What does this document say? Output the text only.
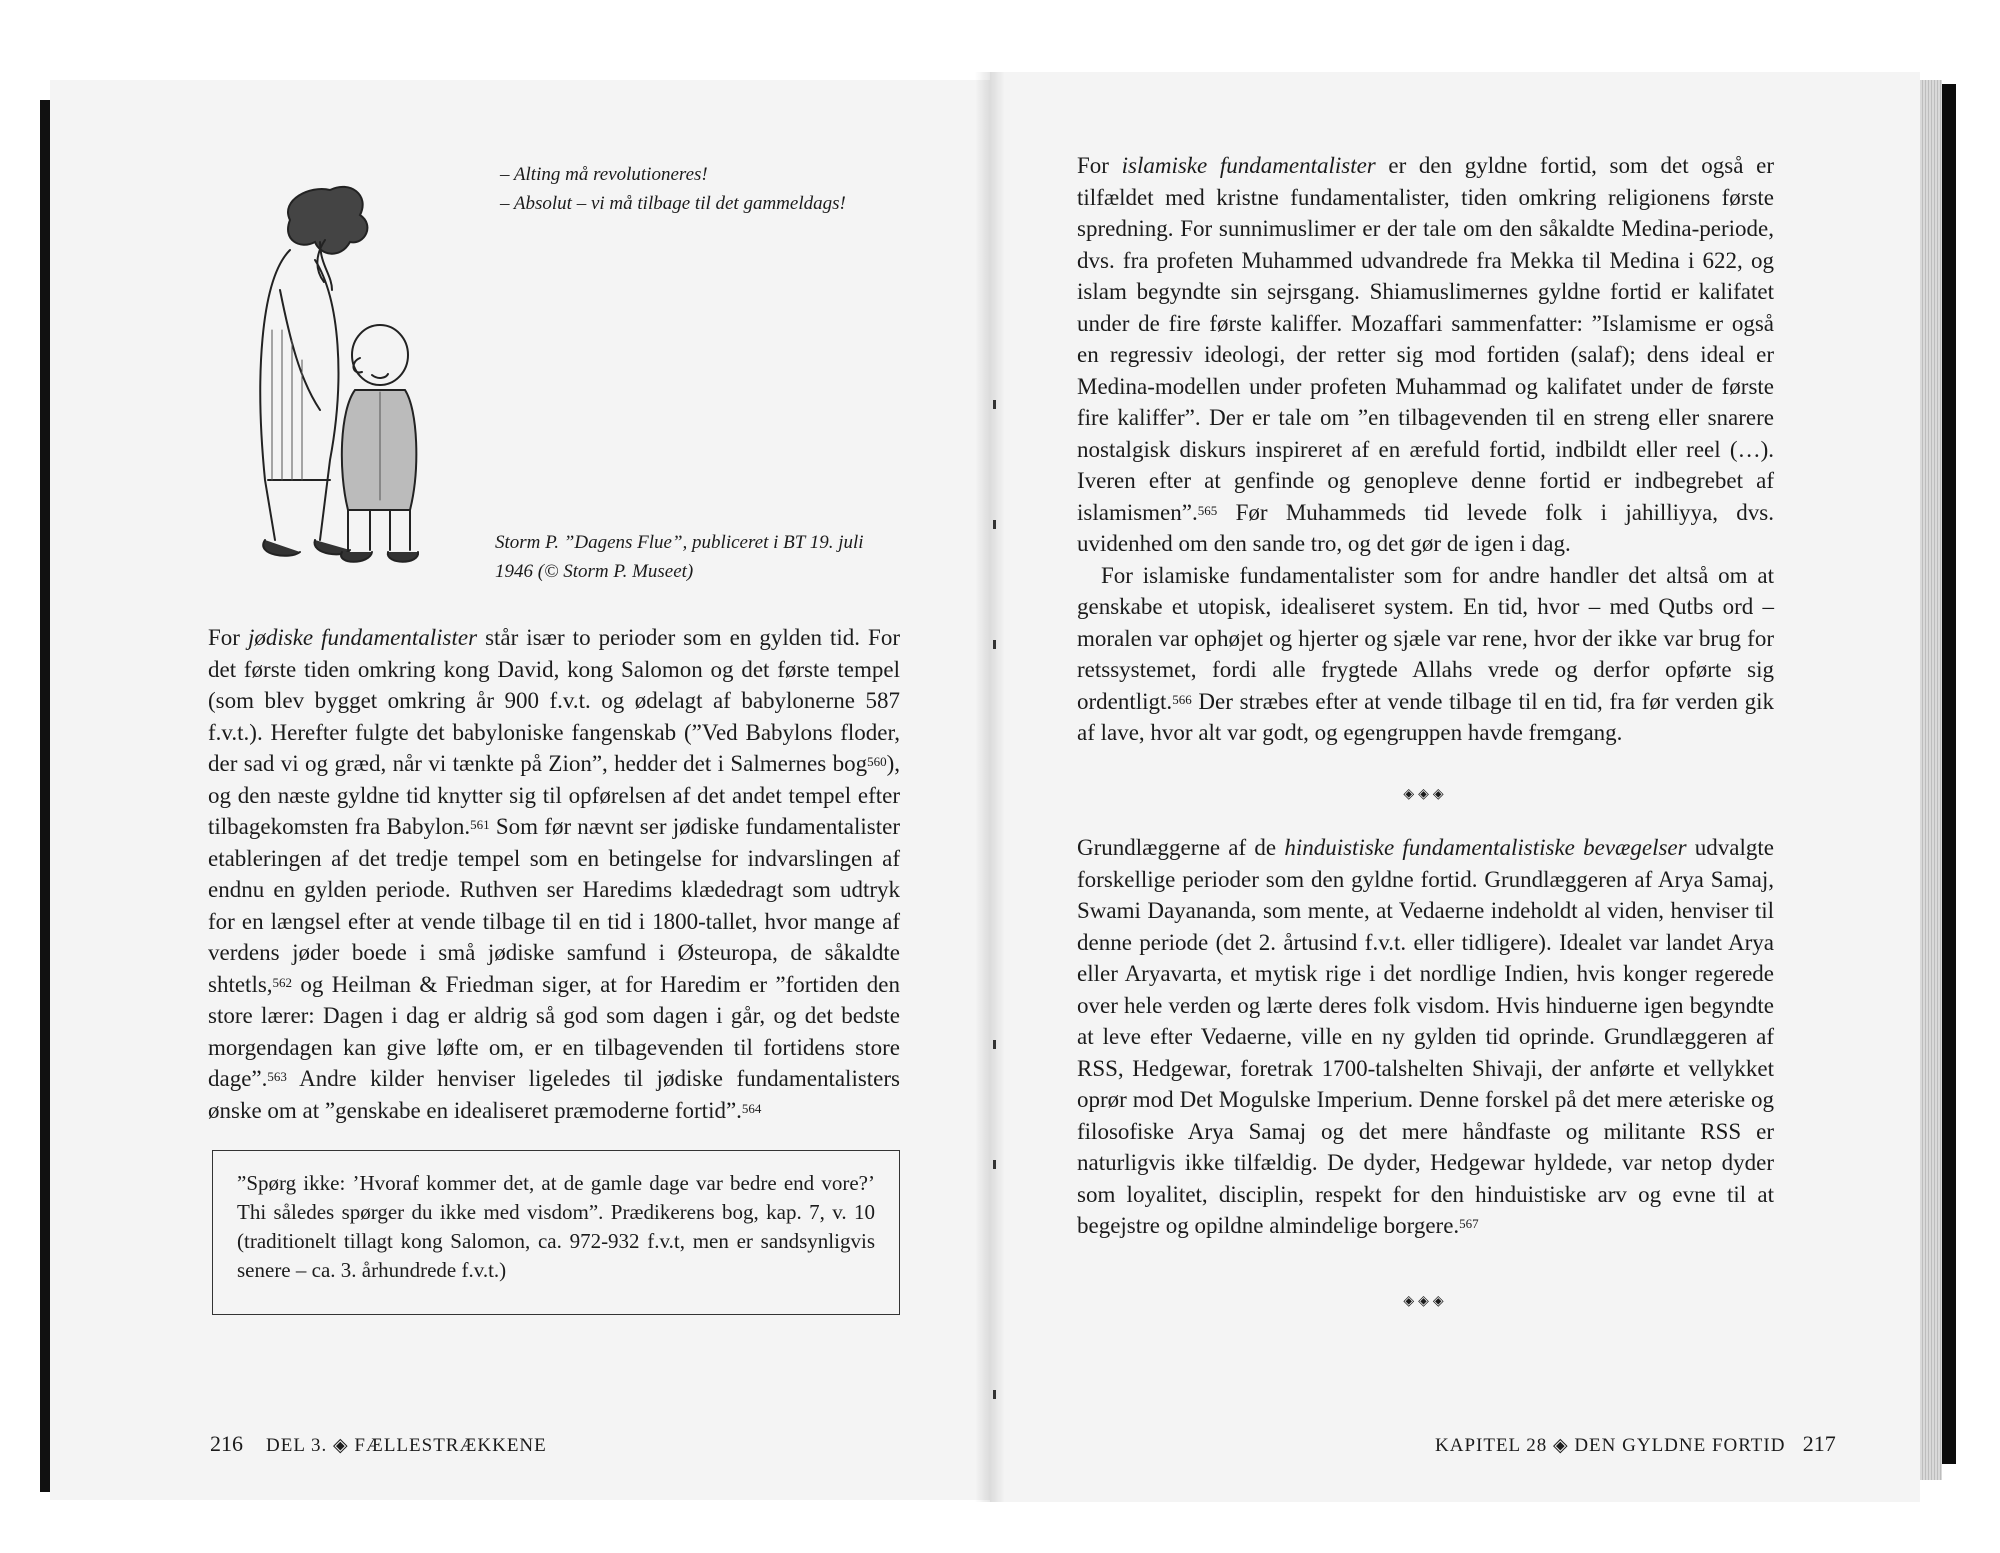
– Alting må revolutioneres!
– Absolut – vi må tilbage til det gammeldags!
Storm P. ”Dagens Flue”, publiceret i BT 19. juli
1946 (© Storm P. Museet)

For jødiske fundamentalister står især to perioder som en gylden tid. For det første tiden omkring kong David, kong Salomon og det første tempel (som blev bygget omkring år 900 f.v.t. og ødelagt af babylonerne 587 f.v.t.). Herefter fulgte det babyloniske fangenskab (”Ved Babylons floder, der sad vi og græd, når vi tænkte på Zion”, hedder det i Salmernes bog$^{560}$), og den næste gyldne tid knytter sig til opførelsen af det andet tempel efter tilbagekomsten fra Babylon.$^{561}$ Som før nævnt ser jødiske fundamentalister etableringen af det tredje tempel som en betingelse for indvarslingen af endnu en gylden periode. Ruthven ser Haredims klædedragt som udtryk for en længsel efter at vende tilbage til en tid i 1800-tallet, hvor mange af verdens jøder boede i små jødiske samfund i Østeuropa, de såkaldte shtetls,$^{562}$ og Heilman & Friedman siger, at for Haredim er ”fortiden den store lærer: Dagen i dag er aldrig så god som dagen i går, og det bedste morgendagen kan give løfte om, er en tilbagevenden til fortidens store dage”.$^{563}$ Andre kilder henviser ligeledes til jødiske fundamentalisters ønske om at ”genskabe en idealiseret præmoderne fortid”.$^{564}$

”Spørg ikke: ’Hvoraf kommer det, at de gamle dage var bedre end vore?’ Thi således spørger du ikke med visdom”. Prædikerens bog, kap. 7, v. 10 (traditionelt tillagt kong Salomon, ca. 972-932 f.v.t, men er sandsynligvis senere – ca. 3. århundrede f.v.t.)
216 DEL 3. ◈ FÆLLESTRÆKKENE

For islamiske fundamentalister er den gyldne fortid, som det også er tilfældet med kristne fundamentalister, tiden omkring religionens første spredning. For sunnimuslimer er der tale om den såkaldte Medina-periode, dvs. fra profeten Muhammed udvandrede fra Mekka til Medina i 622, og islam begyndte sin sejrsgang. Shiamuslimernes gyldne fortid er kalifatet under de fire første kaliffer. Mozaffari sammenfatter: ”Islamisme er også en regressiv ideologi, der retter sig mod fortiden (salaf); dens ideal er Medina-modellen under profeten Muhammad og kalifatet under de første fire kaliffer”. Der er tale om ”en tilbagevenden til en streng eller snarere nostalgisk diskurs inspireret af en ærefuld fortid, indbildt eller reel (…). Iveren efter at genfinde og genopleve denne fortid er indbegrebet af islamismen”.$^{565}$ Før Muhammeds tid levede folk i jahilliyya, dvs. uvidenhed om den sande tro, og det gør de igen i dag.

For islamiske fundamentalister som for andre handler det altså om at genskabe et utopisk, idealiseret system. En tid, hvor – med Qutbs ord – moralen var ophøjet og hjerter og sjæle var rene, hvor der ikke var brug for retssystemet, fordi alle frygtede Allahs vrede og derfor opførte sig ordentligt.$^{566}$ Der stræbes efter at vende tilbage til en tid, fra før verden gik af lave, hvor alt var godt, og egengruppen havde fremgang.

◈◈◈

Grundlæggerne af de hinduistiske fundamentalistiske bevægelser udvalgte forskellige perioder som den gyldne fortid. Grundlæggeren af Arya Samaj, Swami Dayananda, som mente, at Vedaerne indeholdt al viden, henviser til denne periode (det 2. årtusind f.v.t. eller tidligere). Idealet var landet Arya eller Aryavarta, et mytisk rige i det nordlige Indien, hvis konger regerede over hele verden og lærte deres folk visdom. Hvis hinduerne igen begyndte at leve efter Vedaerne, ville en ny gylden tid oprinde. Grundlæggeren af RSS, Hedgewar, foretrak 1700-talshelten Shivaji, der anførte et vellykket oprør mod Det Mogulske Imperium. Denne forskel på det mere æteriske og filosofiske Arya Samaj og det mere håndfaste og militante RSS er naturligvis ikke tilfældig. De dyder, Hedgewar hyldede, var netop dyder som loyalitet, disciplin, respekt for den hinduistiske arv og evne til at begejstre og opildne almindelige borgere.$^{567}$

◈◈◈
KAPITEL 28 ◈ DEN GYLDNE FORTID 217
